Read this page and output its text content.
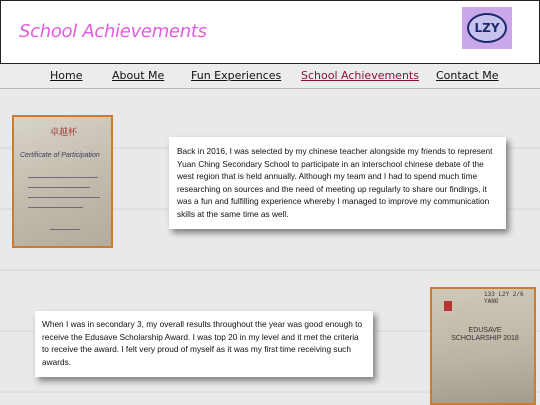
School Achievements	LZY
Home	About Me Fun Experiences School Achievements Contact Me
卓越杯
Certificate of Participation	Back in 2016, I was selected by my chinese teacher alongside my friends to represent Yuan Ching Secondary School to participate in an interschool chinese debate of the west region that is held annually. Although my team and I had to spend much time researching on sources and the need of meeting up regularly to share our findings, it was a fun and fulfilling experience whereby I managed to improve my communication skills at the same time as well.

When I was in secondary 3, my overall results throughout the year was good enough to receive the Edusave Scholarship Award. I was top 20 in my level and it met the criteria to receive the award. I felt very proud of myself as it was my first time receiving such awards.

133 L2Y 2/6 YANG
EDUSAVE SCHOLARSHIP 2018
